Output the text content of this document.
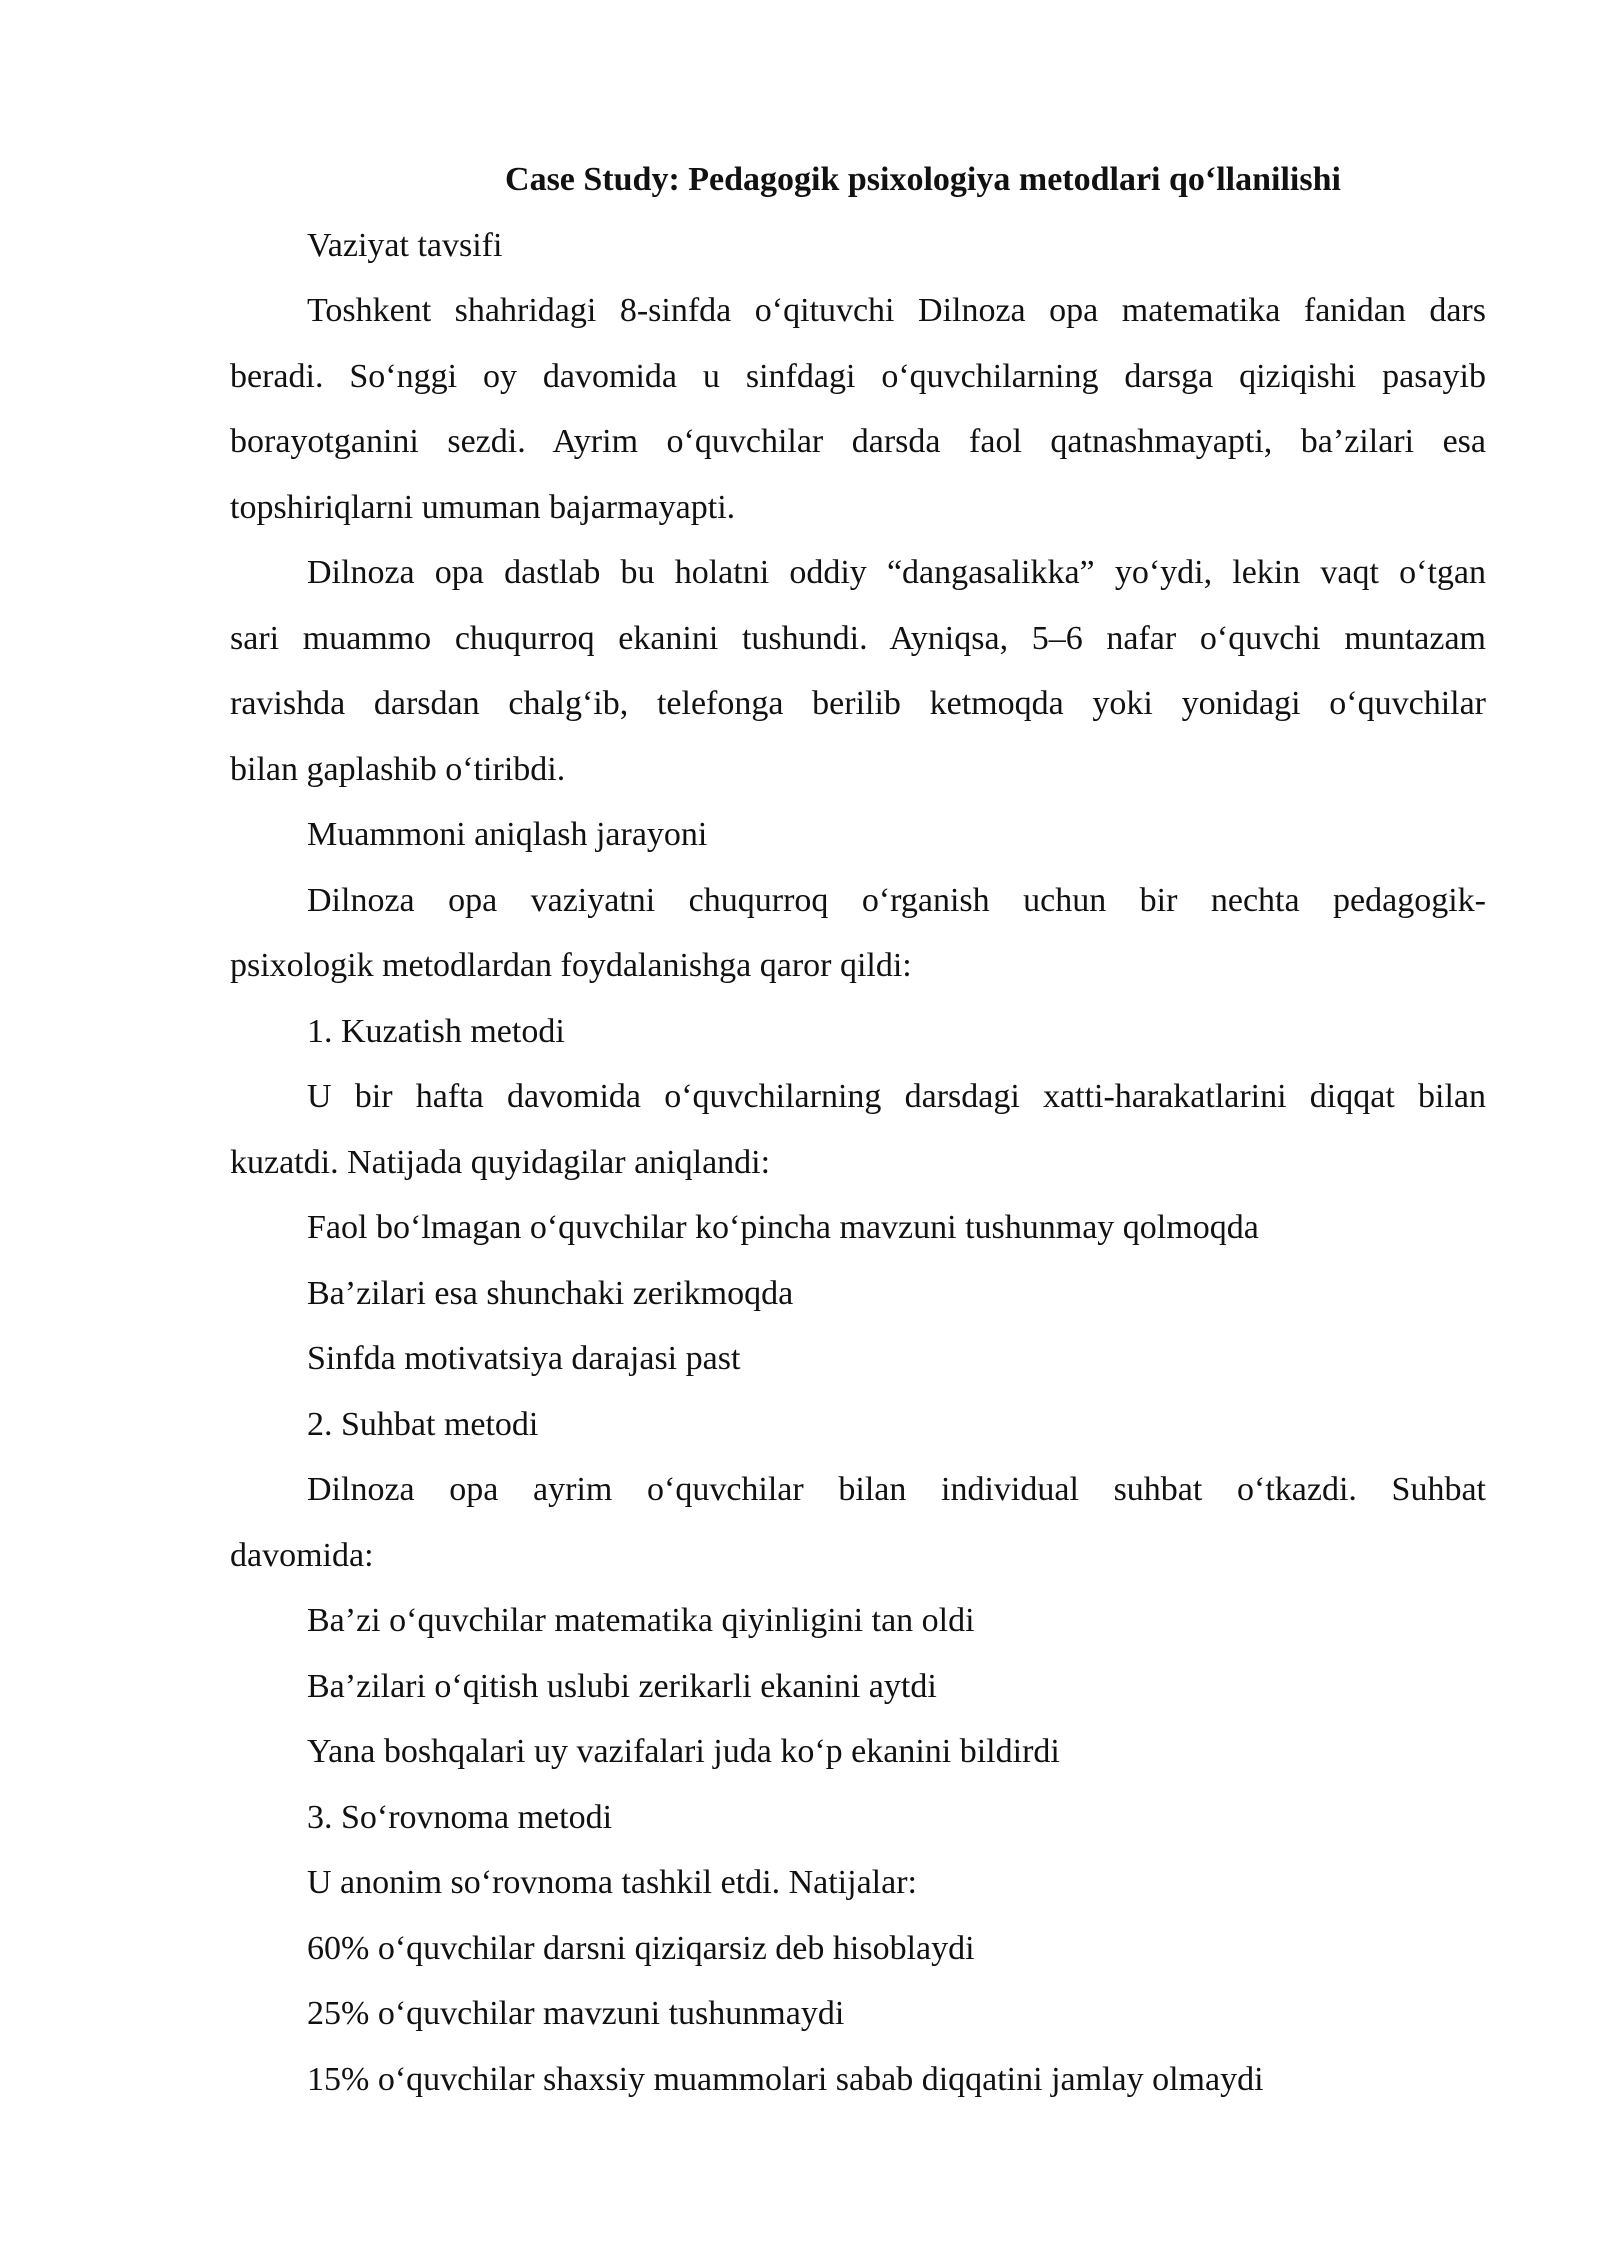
Case Study: Pedagogik psixologiya metodlari qo‘llanilishi
Vaziyat tavsifi
Toshkent shahridagi 8-sinfda o‘qituvchi Dilnoza opa matematika fanidan dars
beradi. So‘nggi oy davomida u sinfdagi o‘quvchilarning darsga qiziqishi pasayib
borayotganini sezdi. Ayrim o‘quvchilar darsda faol qatnashmayapti, ba’zilari esa
topshiriqlarni umuman bajarmayapti.
Dilnoza opa dastlab bu holatni oddiy “dangasalikka” yo‘ydi, lekin vaqt o‘tgan
sari muammo chuqurroq ekanini tushundi. Ayniqsa, 5–6 nafar o‘quvchi muntazam
ravishda darsdan chalg‘ib, telefonga berilib ketmoqda yoki yonidagi o‘quvchilar
bilan gaplashib o‘tiribdi.
Muammoni aniqlash jarayoni
Dilnoza opa vaziyatni chuqurroq o‘rganish uchun bir nechta pedagogik-
psixologik metodlardan foydalanishga qaror qildi:
1. Kuzatish metodi
U bir hafta davomida o‘quvchilarning darsdagi xatti-harakatlarini diqqat bilan
kuzatdi. Natijada quyidagilar aniqlandi:
Faol bo‘lmagan o‘quvchilar ko‘pincha mavzuni tushunmay qolmoqda
Ba’zilari esa shunchaki zerikmoqda
Sinfda motivatsiya darajasi past
2. Suhbat metodi
Dilnoza opa ayrim o‘quvchilar bilan individual suhbat o‘tkazdi. Suhbat
davomida:
Ba’zi o‘quvchilar matematika qiyinligini tan oldi
Ba’zilari o‘qitish uslubi zerikarli ekanini aytdi
Yana boshqalari uy vazifalari juda ko‘p ekanini bildirdi
3. So‘rovnoma metodi
U anonim so‘rovnoma tashkil etdi. Natijalar:
60% o‘quvchilar darsni qiziqarsiz deb hisoblaydi
25% o‘quvchilar mavzuni tushunmaydi
15% o‘quvchilar shaxsiy muammolari sabab diqqatini jamlay olmaydi
